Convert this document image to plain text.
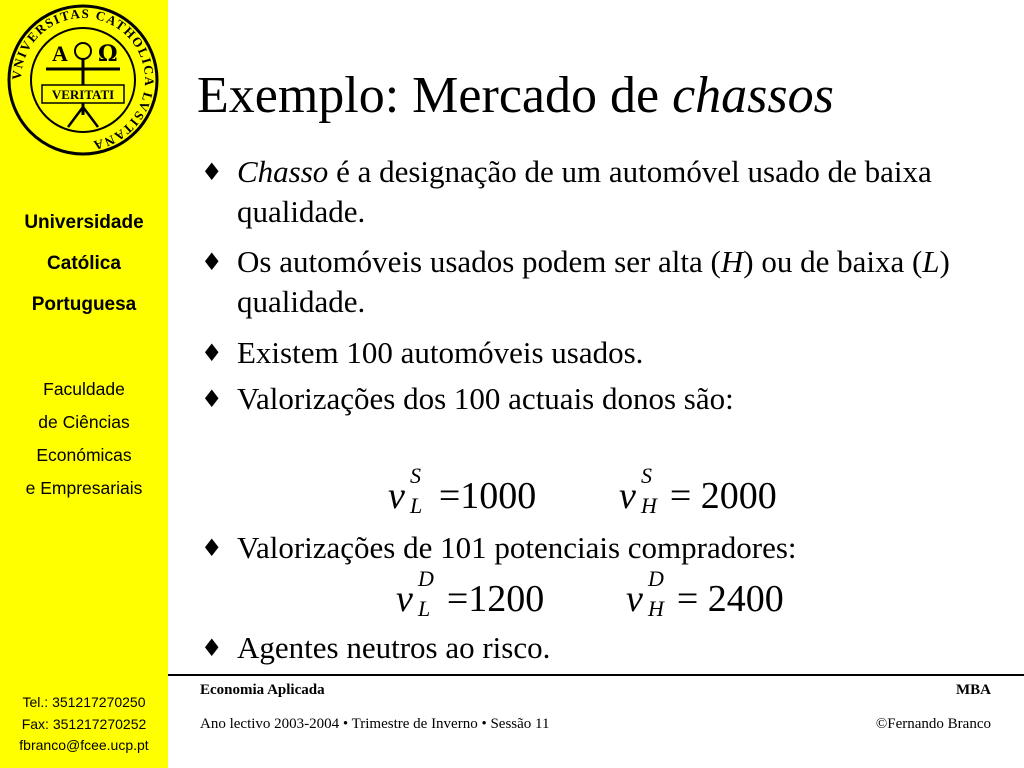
VNIVERSITAS CATHOLICA LVSITANA
A Ω
VERITATI
Universidade
Católica
Portuguesa
Faculdade
de Ciências
Económicas
e Empresariais
Tel.: 351217270250
Fax: 351217270252
fbranco@fcee.ucp.pt
Exemplo: Mercado de chassos

♦ Chasso é a designação de um automóvel usado de baixa qualidade.

♦ Os automóveis usados podem ser alta (H) ou de baixa (L) qualidade.

♦ Existem 100 automóveis usados.

♦ Valorizações dos 100 actuais donos são:

v S
L =1000 v S
H = 2000

♦ Valorizações de 101 potenciais compradores:

v D
L =1200 v D
H = 2400

♦ Agentes neutros ao risco.

Economia Aplicada	MBA
Ano lectivo 2003-2004 • Trimestre de Inverno • Sessão 11	©Fernando Branco
